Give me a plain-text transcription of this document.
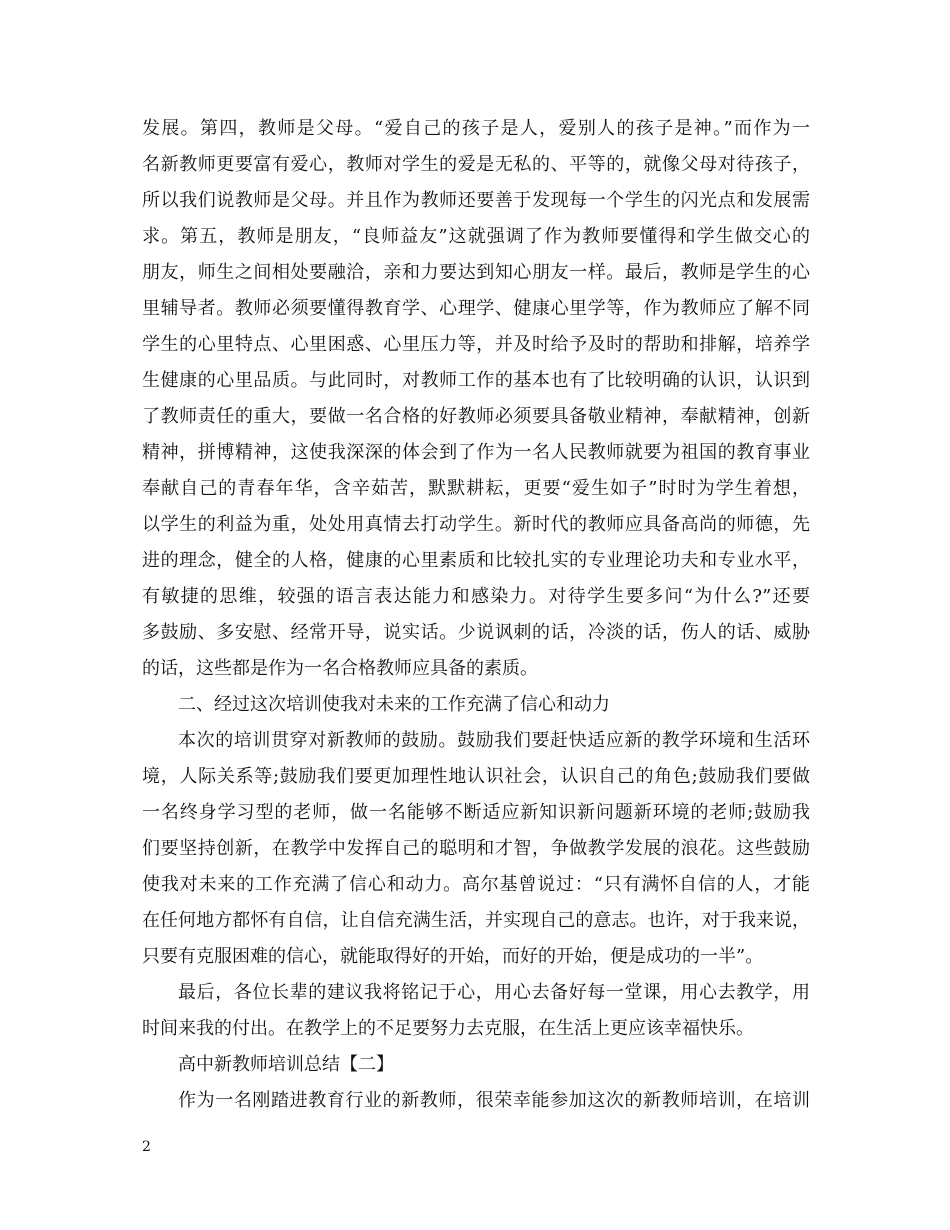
发展。第四，教师是父母。“爱自己的孩子是人，爱别人的孩子是神。”而作为一
名新教师更要富有爱心，教师对学生的爱是无私的、平等的，就像父母对待孩子，
所以我们说教师是父母。并且作为教师还要善于发现每一个学生的闪光点和发展需
求。第五，教师是朋友，“良师益友”这就强调了作为教师要懂得和学生做交心的
朋友，师生之间相处要融洽，亲和力要达到知心朋友一样。最后，教师是学生的心
里辅导者。教师必须要懂得教育学、心理学、健康心里学等，作为教师应了解不同
学生的心里特点、心里困惑、心里压力等，并及时给予及时的帮助和排解，培养学
生健康的心里品质。与此同时，对教师工作的基本也有了比较明确的认识，认识到
了教师责任的重大，要做一名合格的好教师必须要具备敬业精神，奉献精神，创新
精神，拼博精神，这使我深深的体会到了作为一名人民教师就要为祖国的教育事业
奉献自己的青春年华，含辛茹苦，默默耕耘，更要“爱生如子”时时为学生着想，
以学生的利益为重，处处用真情去打动学生。新时代的教师应具备高尚的师德，先
进的理念，健全的人格，健康的心里素质和比较扎实的专业理论功夫和专业水平，
有敏捷的思维，较强的语言表达能力和感染力。对待学生要多问“为什么?”还要
多鼓励、多安慰、经常开导，说实话。少说讽刺的话，冷淡的话，伤人的话、威胁
的话，这些都是作为一名合格教师应具备的素质。
二、经过这次培训使我对未来的工作充满了信心和动力
本次的培训贯穿对新教师的鼓励。鼓励我们要赶快适应新的教学环境和生活环
境，人际关系等;鼓励我们要更加理性地认识社会，认识自己的角色;鼓励我们要做
一名终身学习型的老师，做一名能够不断适应新知识新问题新环境的老师;鼓励我
们要坚持创新，在教学中发挥自己的聪明和才智，争做教学发展的浪花。这些鼓励
使我对未来的工作充满了信心和动力。高尔基曾说过：“只有满怀自信的人，才能
在任何地方都怀有自信，让自信充满生活，并实现自己的意志。也许，对于我来说，
只要有克服困难的信心，就能取得好的开始，而好的开始，便是成功的一半”。
最后，各位长辈的建议我将铭记于心，用心去备好每一堂课，用心去教学，用
时间来我的付出。在教学上的不足要努力去克服，在生活上更应该幸福快乐。
高中新教师培训总结【二】
作为一名刚踏进教育行业的新教师，很荣幸能参加这次的新教师培训，在培训
2
